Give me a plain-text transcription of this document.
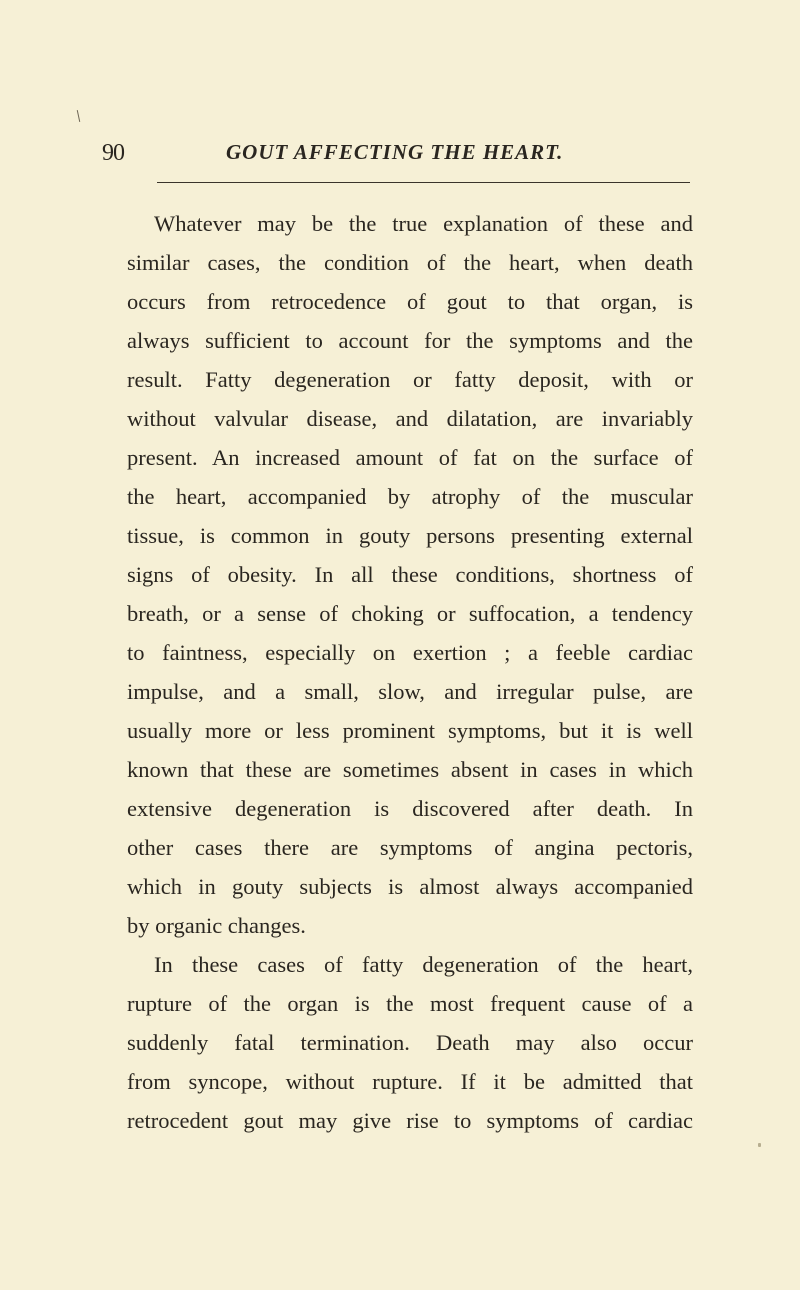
90	GOUT AFFECTING THE HEART.
Whatever may be the true explanation of these and
similar cases, the condition of the heart, when death
occurs from retrocedence of gout to that organ, is
always sufficient to account for the symptoms and the
result. Fatty degeneration or fatty deposit, with or
without valvular disease, and dilatation, are invariably
present. An increased amount of fat on the surface of
the heart, accompanied by atrophy of the muscular
tissue, is common in gouty persons presenting external
signs of obesity. In all these conditions, shortness of
breath, or a sense of choking or suffocation, a tendency
to faintness, especially on exertion ; a feeble cardiac
impulse, and a small, slow, and irregular pulse, are
usually more or less prominent symptoms, but it is well
known that these are sometimes absent in cases in which
extensive degeneration is discovered after death. In
other cases there are symptoms of angina pectoris,
which in gouty subjects is almost always accompanied
by organic changes.
In these cases of fatty degeneration of the heart,
rupture of the organ is the most frequent cause of a
suddenly fatal termination. Death may also occur
from syncope, without rupture. If it be admitted that
retrocedent gout may give rise to symptoms of cardiac
